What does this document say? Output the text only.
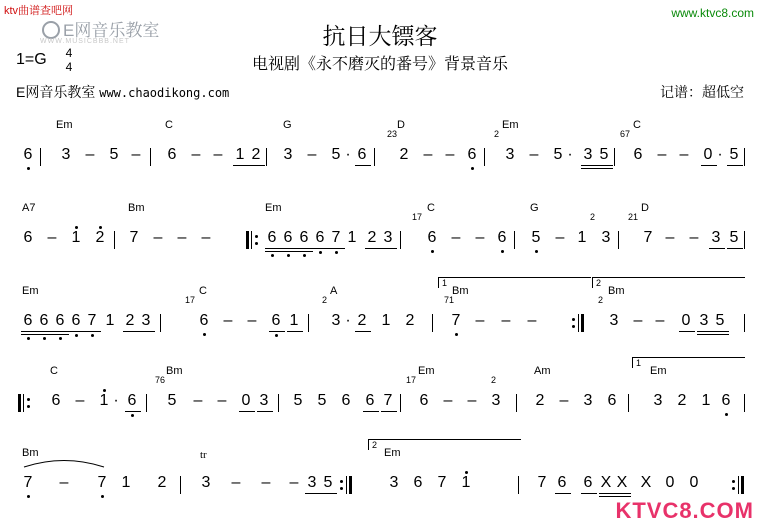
ktv曲谱查吧网
E网音乐教室
WWW.MUSICBBB.NET
www.ktvc8.com
抗日大镖客
电视剧《永不磨灭的番号》背景音乐
1=G	4
4
E网音乐教室 www.chaodikong.com	记谱：超低空
Em	C	G	D	Em	C
23	2	67
6 3 – 5 – 6 – – 1 2 3 – 5 · 6 2 – – 6 3 – 5 · 3 5 6 – – 0 · 5
A7	Bm	Em	C	G	D
17	2	21
6 – 1 2 7 – – –	6 6 6 6 7 1 2 3 6 – – 6 5 – 1 3 7 – – 3 5
Em	C	A	Bm	Bm
17	2	71	2
1	2
6 6 6 6 7 1 2 3	6 – – 6 1 3 · 2 1 2 7 – – –	3 – – 0 3 5
C	Bm	Em	Am	Em
76	17	2
1
6 – 1 · 6 5 – – 0 3 5 5 6 6 7 6 – – 3 2 – 3 6 3 2 1 6
Bm	Em
tr
2
7 – 7 1 2 3 – – – 3 5	3 6 7 1	7 6 6 X X X 0 0
KTVC8.COM
